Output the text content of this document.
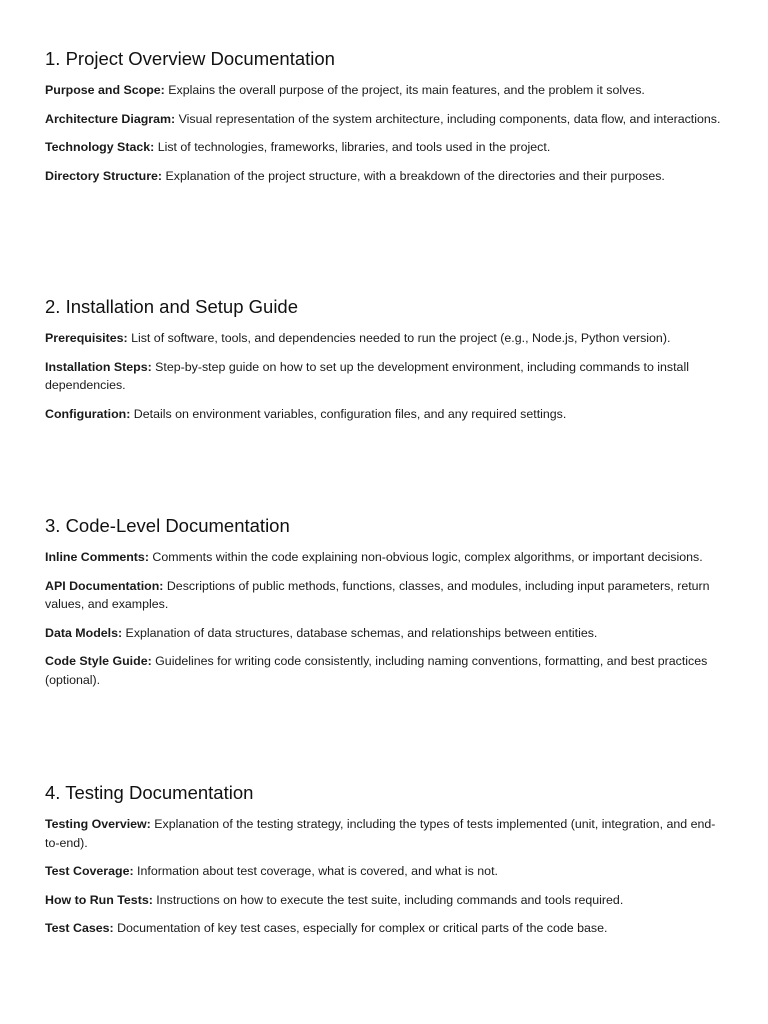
1. Project Overview Documentation

Purpose and Scope: Explains the overall purpose of the project, its main features, and the problem it solves.

Architecture Diagram: Visual representation of the system architecture, including components, data flow, and interactions.

Technology Stack: List of technologies, frameworks, libraries, and tools used in the project.

Directory Structure: Explanation of the project structure, with a breakdown of the directories and their purposes.

2. Installation and Setup Guide

Prerequisites: List of software, tools, and dependencies needed to run the project (e.g., Node.js, Python version).

Installation Steps: Step-by-step guide on how to set up the development environment, including commands to install dependencies.

Configuration: Details on environment variables, configuration files, and any required settings.

3. Code-Level Documentation

Inline Comments: Comments within the code explaining non-obvious logic, complex algorithms, or important decisions.

API Documentation: Descriptions of public methods, functions, classes, and modules, including input parameters, return values, and examples.

Data Models: Explanation of data structures, database schemas, and relationships between entities.

Code Style Guide: Guidelines for writing code consistently, including naming conventions, formatting, and best practices (optional).

4. Testing Documentation

Testing Overview: Explanation of the testing strategy, including the types of tests implemented (unit, integration, and end-to-end).

Test Coverage: Information about test coverage, what is covered, and what is not.

How to Run Tests: Instructions on how to execute the test suite, including commands and tools required.

Test Cases: Documentation of key test cases, especially for complex or critical parts of the code base.
